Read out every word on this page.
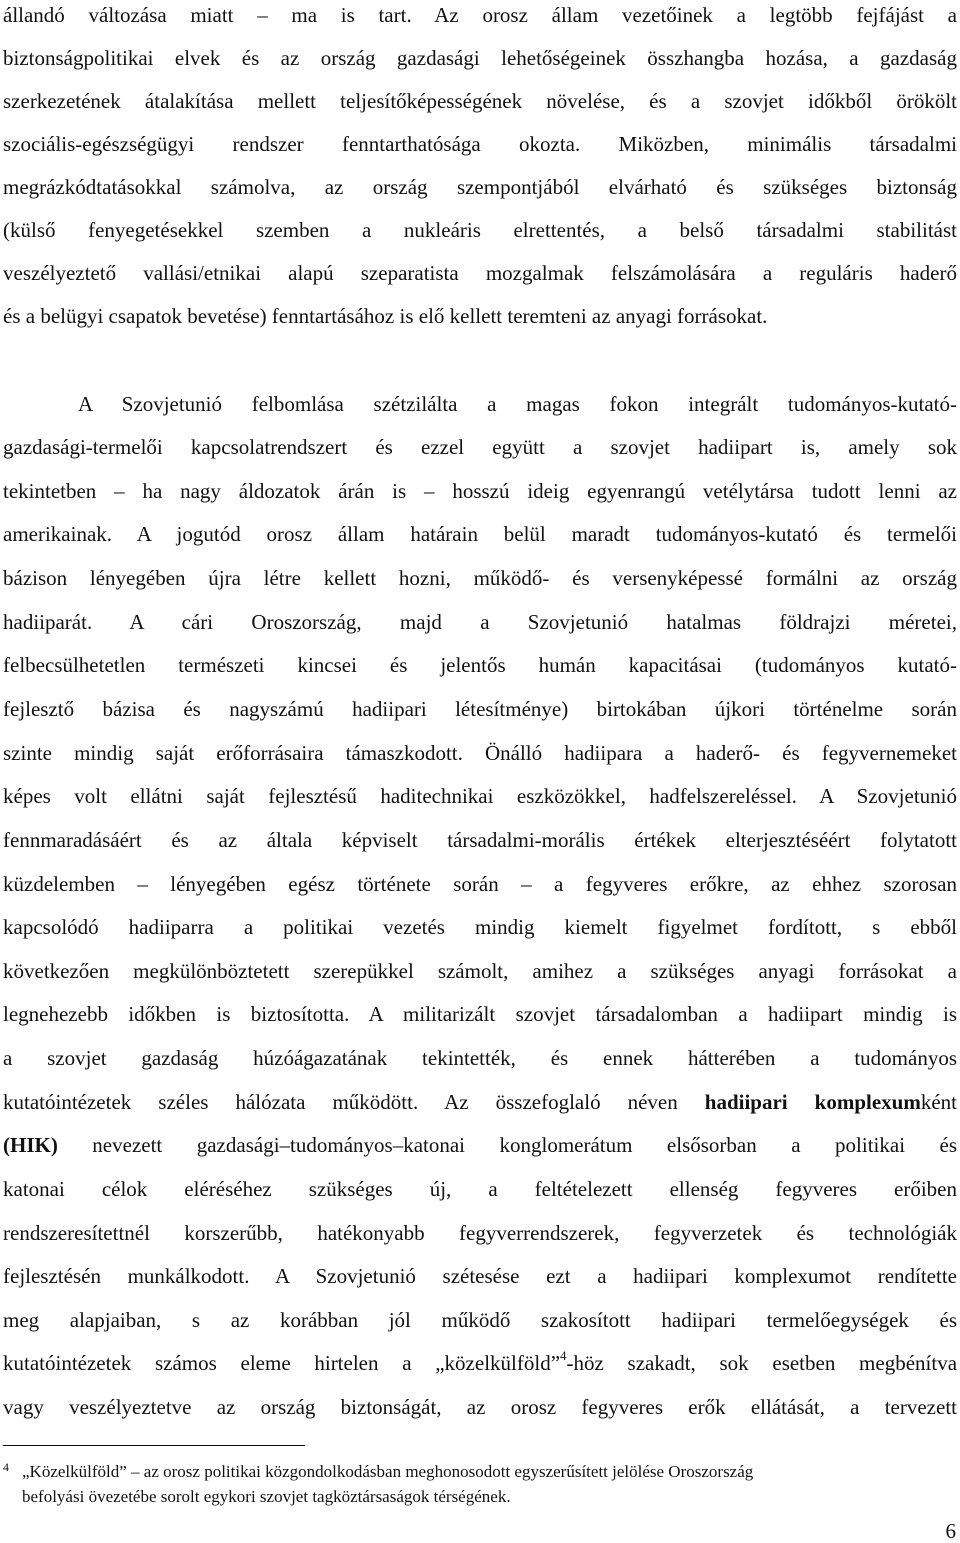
állandó változása miatt – ma is tart. Az orosz állam vezetőinek a legtöbb fejfájást a
biztonságpolitikai elvek és az ország gazdasági lehetőségeinek összhangba hozása, a gazdaság
szerkezetének átalakítása mellett teljesítőképességének növelése, és a szovjet időkből örökölt
szociális-egészségügyi rendszer fenntarthatósága okozta. Miközben, minimális társadalmi
megrázkódtatásokkal számolva, az ország szempontjából elvárható és szükséges biztonság
(külső fenyegetésekkel szemben a nukleáris elrettentés, a belső társadalmi stabilitást
veszélyeztető vallási/etnikai alapú szeparatista mozgalmak felszámolására a reguláris haderő
és a belügyi csapatok bevetése) fenntartásához is elő kellett teremteni az anyagi forrásokat.
A Szovjetunió felbomlása szétzilálta a magas fokon integrált tudományos-kutató-
gazdasági-termelői kapcsolatrendszert és ezzel együtt a szovjet hadiipart is, amely sok
tekintetben – ha nagy áldozatok árán is – hosszú ideig egyenrangú vetélytársa tudott lenni az
amerikainak. A jogutód orosz állam határain belül maradt tudományos-kutató és termelői
bázison lényegében újra létre kellett hozni, működő- és versenyképessé formálni az ország
hadiiparát. A cári Oroszország, majd a Szovjetunió hatalmas földrajzi méretei,
felbecsülhetetlen természeti kincsei és jelentős humán kapacitásai (tudományos kutató-
fejlesztő bázisa és nagyszámú hadiipari létesítménye) birtokában újkori történelme során
szinte mindig saját erőforrásaira támaszkodott. Önálló hadiipara a haderő- és fegyvernemeket
képes volt ellátni saját fejlesztésű haditechnikai eszközökkel, hadfelszereléssel. A Szovjetunió
fennmaradásáért és az általa képviselt társadalmi-morális értékek elterjesztéséért folytatott
küzdelemben – lényegében egész története során – a fegyveres erőkre, az ehhez szorosan
kapcsolódó hadiiparra a politikai vezetés mindig kiemelt figyelmet fordított, s ebből
következően megkülönböztetett szerepükkel számolt, amihez a szükséges anyagi forrásokat a
legnehezebb időkben is biztosította. A militarizált szovjet társadalomban a hadiipart mindig is
a szovjet gazdaság húzóágazatának tekintették, és ennek hátterében a tudományos
kutatóintézetek széles hálózata működött. Az összefoglaló néven hadiipari komplexumként
(HIK) nevezett gazdasági–tudományos–katonai konglomerátum elsősorban a politikai és
katonai célok eléréséhez szükséges új, a feltételezett ellenség fegyveres erőiben
rendszeresítettnél korszerűbb, hatékonyabb fegyverrendszerek, fegyverzetek és technológiák
fejlesztésén munkálkodott. A Szovjetunió szétesése ezt a hadiipari komplexumot rendítette
meg alapjaiban, s az korábban jól működő szakosított hadiipari termelőegységek és
kutatóintézetek számos eleme hirtelen a „közelkülföld”$^4$-höz szakadt, sok esetben megbénítva
vagy veszélyeztetve az ország biztonságát, az orosz fegyveres erők ellátását, a tervezett
4 „Közelkülföld” – az orosz politikai közgondolkodásban meghonosodott egyszerűsített jelölése Oroszország
befolyási övezetébe sorolt egykori szovjet tagköztársaságok térségének.
6
